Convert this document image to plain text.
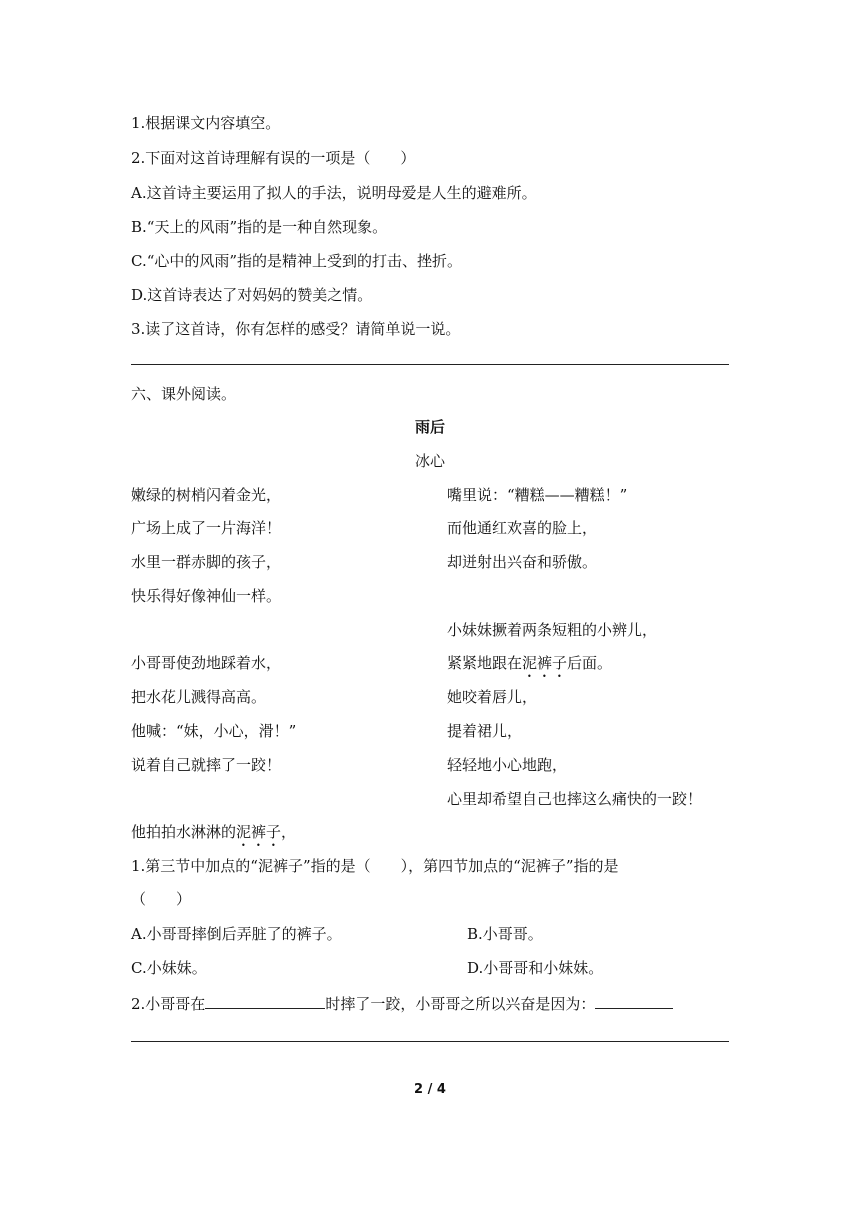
1.根据课文内容填空。
2.下面对这首诗理解有误的一项是（　　）
A.这首诗主要运用了拟人的手法，说明母爱是人生的避难所。
B.“天上的风雨”指的是一种自然现象。
C.“心中的风雨”指的是精神上受到的打击、挫折。
D.这首诗表达了对妈妈的赞美之情。
3.读了这首诗，你有怎样的感受？请简单说一说。
六、课外阅读。
雨后
冰心
嫩绿的树梢闪着金光，
广场上成了一片海洋！
水里一群赤脚的孩子，
快乐得好像神仙一样。
小哥哥使劲地踩着水，
把水花儿溅得高高。
他喊：“妹，小心，滑！”
说着自己就摔了一跤！
嘴里说：“糟糕——糟糕！”
而他通红欢喜的脸上，
却迸射出兴奋和骄傲。
小妹妹撅着两条短粗的小辨儿，
紧紧地跟在泥裤子后面。
她咬着唇儿，
提着裙儿，
轻轻地小心地跑，
心里却希望自己也摔这么痛快的一跤！
他拍拍水淋淋的泥裤子，
1.第三节中加点的“泥裤子”指的是（　　），第四节加点的“泥裤子”指的是
（　　）
A.小哥哥摔倒后弄脏了的裤子。	B.小哥哥。
C.小妹妹。	D.小哥哥和小妹妹。
2.小哥哥在	时摔了一跤，小哥哥之所以兴奋是因为：
2 / 4
